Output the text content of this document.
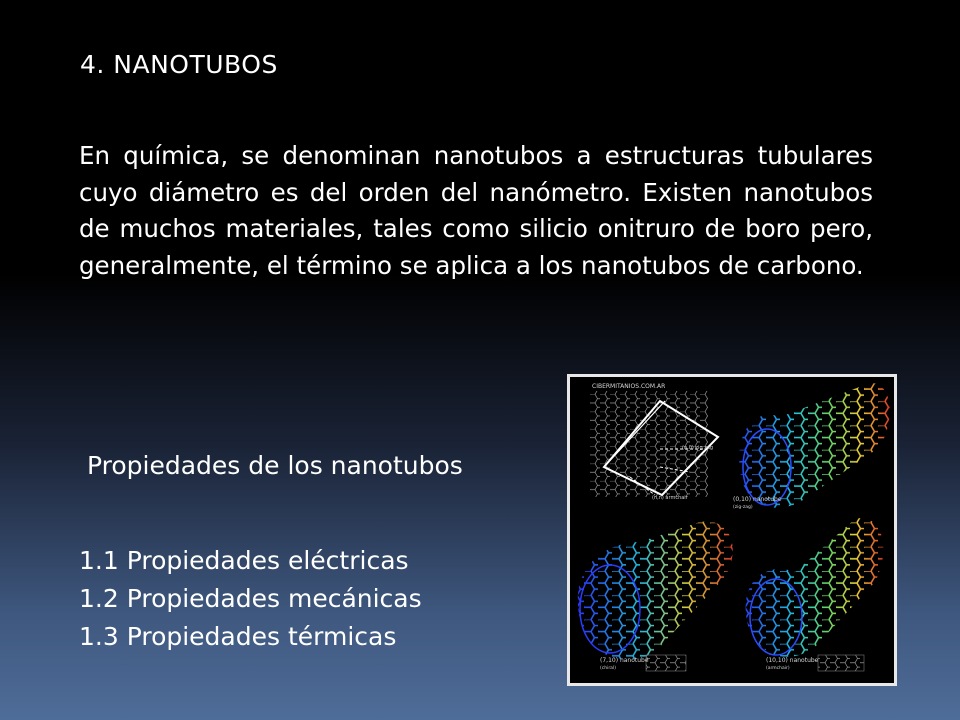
4. NANOTUBOS

En química, se denominan nanotubos a estructuras tubulares cuyo diámetro es del orden del nanómetro. Existen nanotubos de muchos materiales, tales como silicio onitruro de boro pero, generalmente, el término se aplica a los nanotubos de carbono.

Propiedades de los nanotubos

1.1 Propiedades eléctricas
1.2 Propiedades mecánicas
1.3 Propiedades térmicas
CIBERMITANIOS.COM.AR
(n,0) zig zag
(n,n) armchair	(0,10) nanotube
(zig-zag)
(7,10) nanotube
(chiral)
(10,10) nanotube
(armchair)
